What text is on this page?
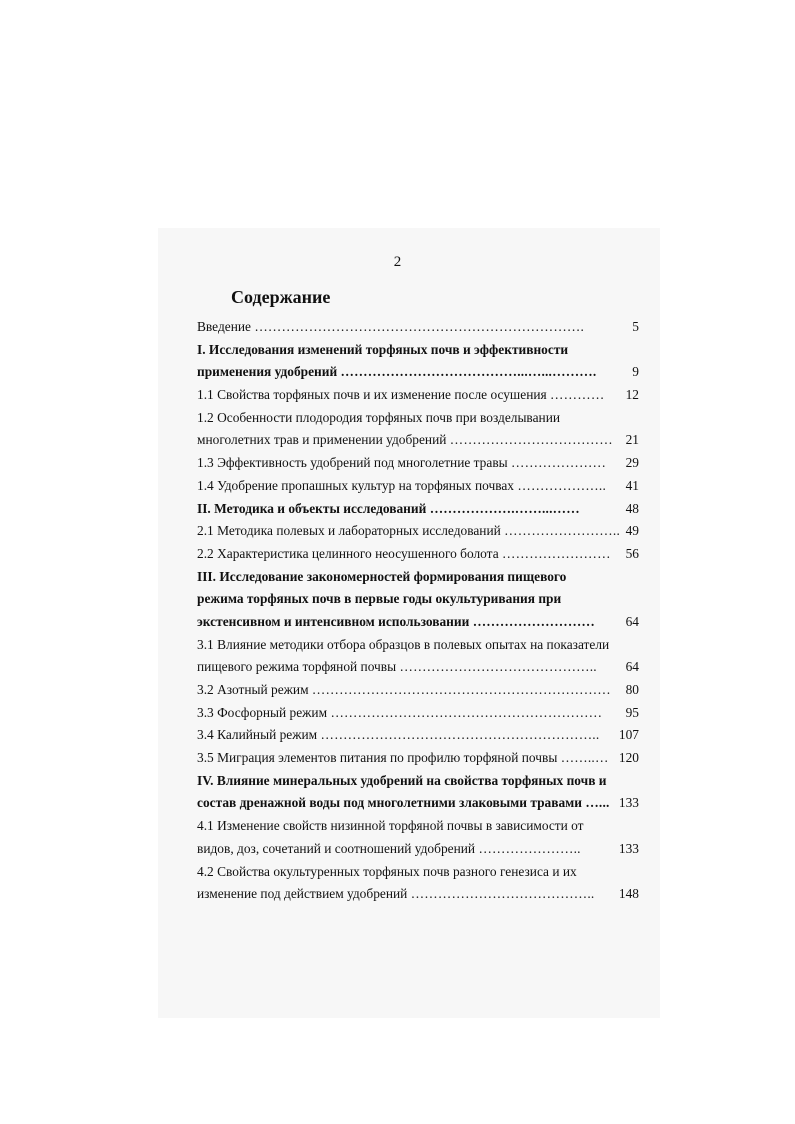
2
Содержание
Введение ……………………………………………………………….	5
I. Исследования изменений торфяных почв и эффективности
применения удобрений …………………………………...…...……….	9
1.1 Свойства торфяных почв и их изменение после осушения …………	12
1.2 Особенности плодородия торфяных почв при возделывании
многолетних трав и применении удобрений ……………………………… 21
1.3 Эффективность удобрений под многолетние травы …………………	29
1.4 Удобрение пропашных культур на торфяных почвах ………………..	41
II. Методика и объекты исследований ……………….……...……	48
2.1 Методика полевых и лабораторных исследований …………………….. 49
2.2 Характеристика целинного неосушенного болота ……………………	56
III. Исследование закономерностей формирования пищевого
режима торфяных почв в первые годы окультуривания при
экстенсивном и интенсивном использовании ………………………	64
3.1 Влияние методики отбора образцов в полевых опытах на показатели
пищевого режима торфяной почвы ……………………………………..	64
3.2 Азотный режим …………………………………………………………	80
3.3 Фосфорный режим ……………………………………………………	95
3.4 Калийный режим ……………………………………………………..	107
3.5 Миграция элементов питания по профилю торфяной почвы ……..… 120
IV. Влияние минеральных удобрений на свойства торфяных почв и
состав дренажной воды под многолетними злаковыми травами …... 133
4.1 Изменение свойств низинной торфяной почвы в зависимости от
видов, доз, сочетаний и соотношений удобрений …………………..	133
4.2 Свойства окультуренных торфяных почв разного генезиса и их
изменение под действием удобрений …………………………………..	148
